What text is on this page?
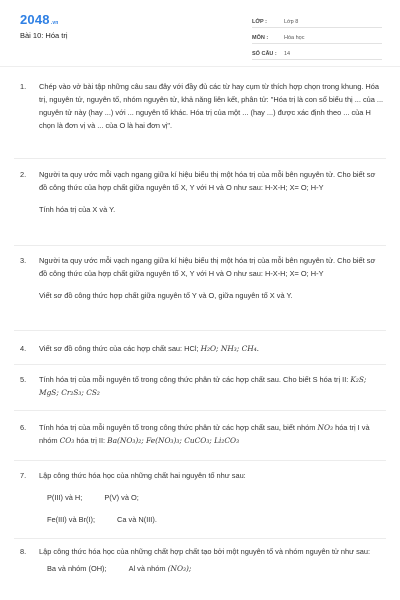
2048.vn
Bài 10: Hóa trị
LỚP :	Lớp 8
MÔN :	Hóa học
SỐ CÂU :	14
1.	Chép vào vở bài tập những câu sau đây với đầy đủ các từ hay cụm từ thích hợp chọn trong khung. Hóa trị, nguyên tử, nguyên tố, nhóm nguyên tử, khả năng liên kết, phân tử: "Hóa trị là con số biểu thị ... của ... nguyên tử này (hay ...) với ... nguyên tố khác. Hóa trị của một ... (hay ...) được xác định theo ... của H chọn là đơn vị và ... của O là hai đơn vị".

2.	Người ta quy ước mỗi vạch ngang giữa kí hiệu biểu thị một hóa trị của mỗi bên nguyên tử. Cho biết sơ đồ công thức của hợp chất giữa nguyên tố X, Y với H và O như sau: H-X-H; X= O; H-Y

Tính hóa trị của X và Y.

3.	Người ta quy ước mỗi vạch ngang giữa kí hiệu biểu thị một hóa trị của mỗi bên nguyên tử. Cho biết sơ đồ công thức của hợp chất giữa nguyên tố X, Y với H và O như sau: H-X-H; X= O; H-Y

Viết sơ đồ công thức hợp chất giữa nguyên tố Y và O, giữa nguyên tố X và Y.

4.	Viết sơ đồ công thức của các hợp chất sau: HCl; H₂O; NH₃; CH₄.

5.	Tính hóa trị của mỗi nguyên tố trong công thức phân tử các hợp chất sau. Cho biết S hóa trị II: K₂S; MgS; Cr₂S₃; CS₂

6.	Tính hóa trị của mỗi nguyên tố trong công thức phân tử các hợp chất sau, biết nhóm NO₃ hóa trị I và nhóm CO₃ hóa trị II: Ba(NO₃)₂; Fe(NO₃)₃; CuCO₃; Li₂CO₃

7.	Lập công thức hóa học của những chất hai nguyên tố như sau:

P(III) và H;	P(V) và O;

Fe(III) và Br(I);	Ca và N(III).

8.	Lập công thức hóa học của những chất hợp chất tạo bởi một nguyên tố và nhóm nguyên tử như sau:

Ba và nhóm (OH);	Al và nhóm (NO₃);
